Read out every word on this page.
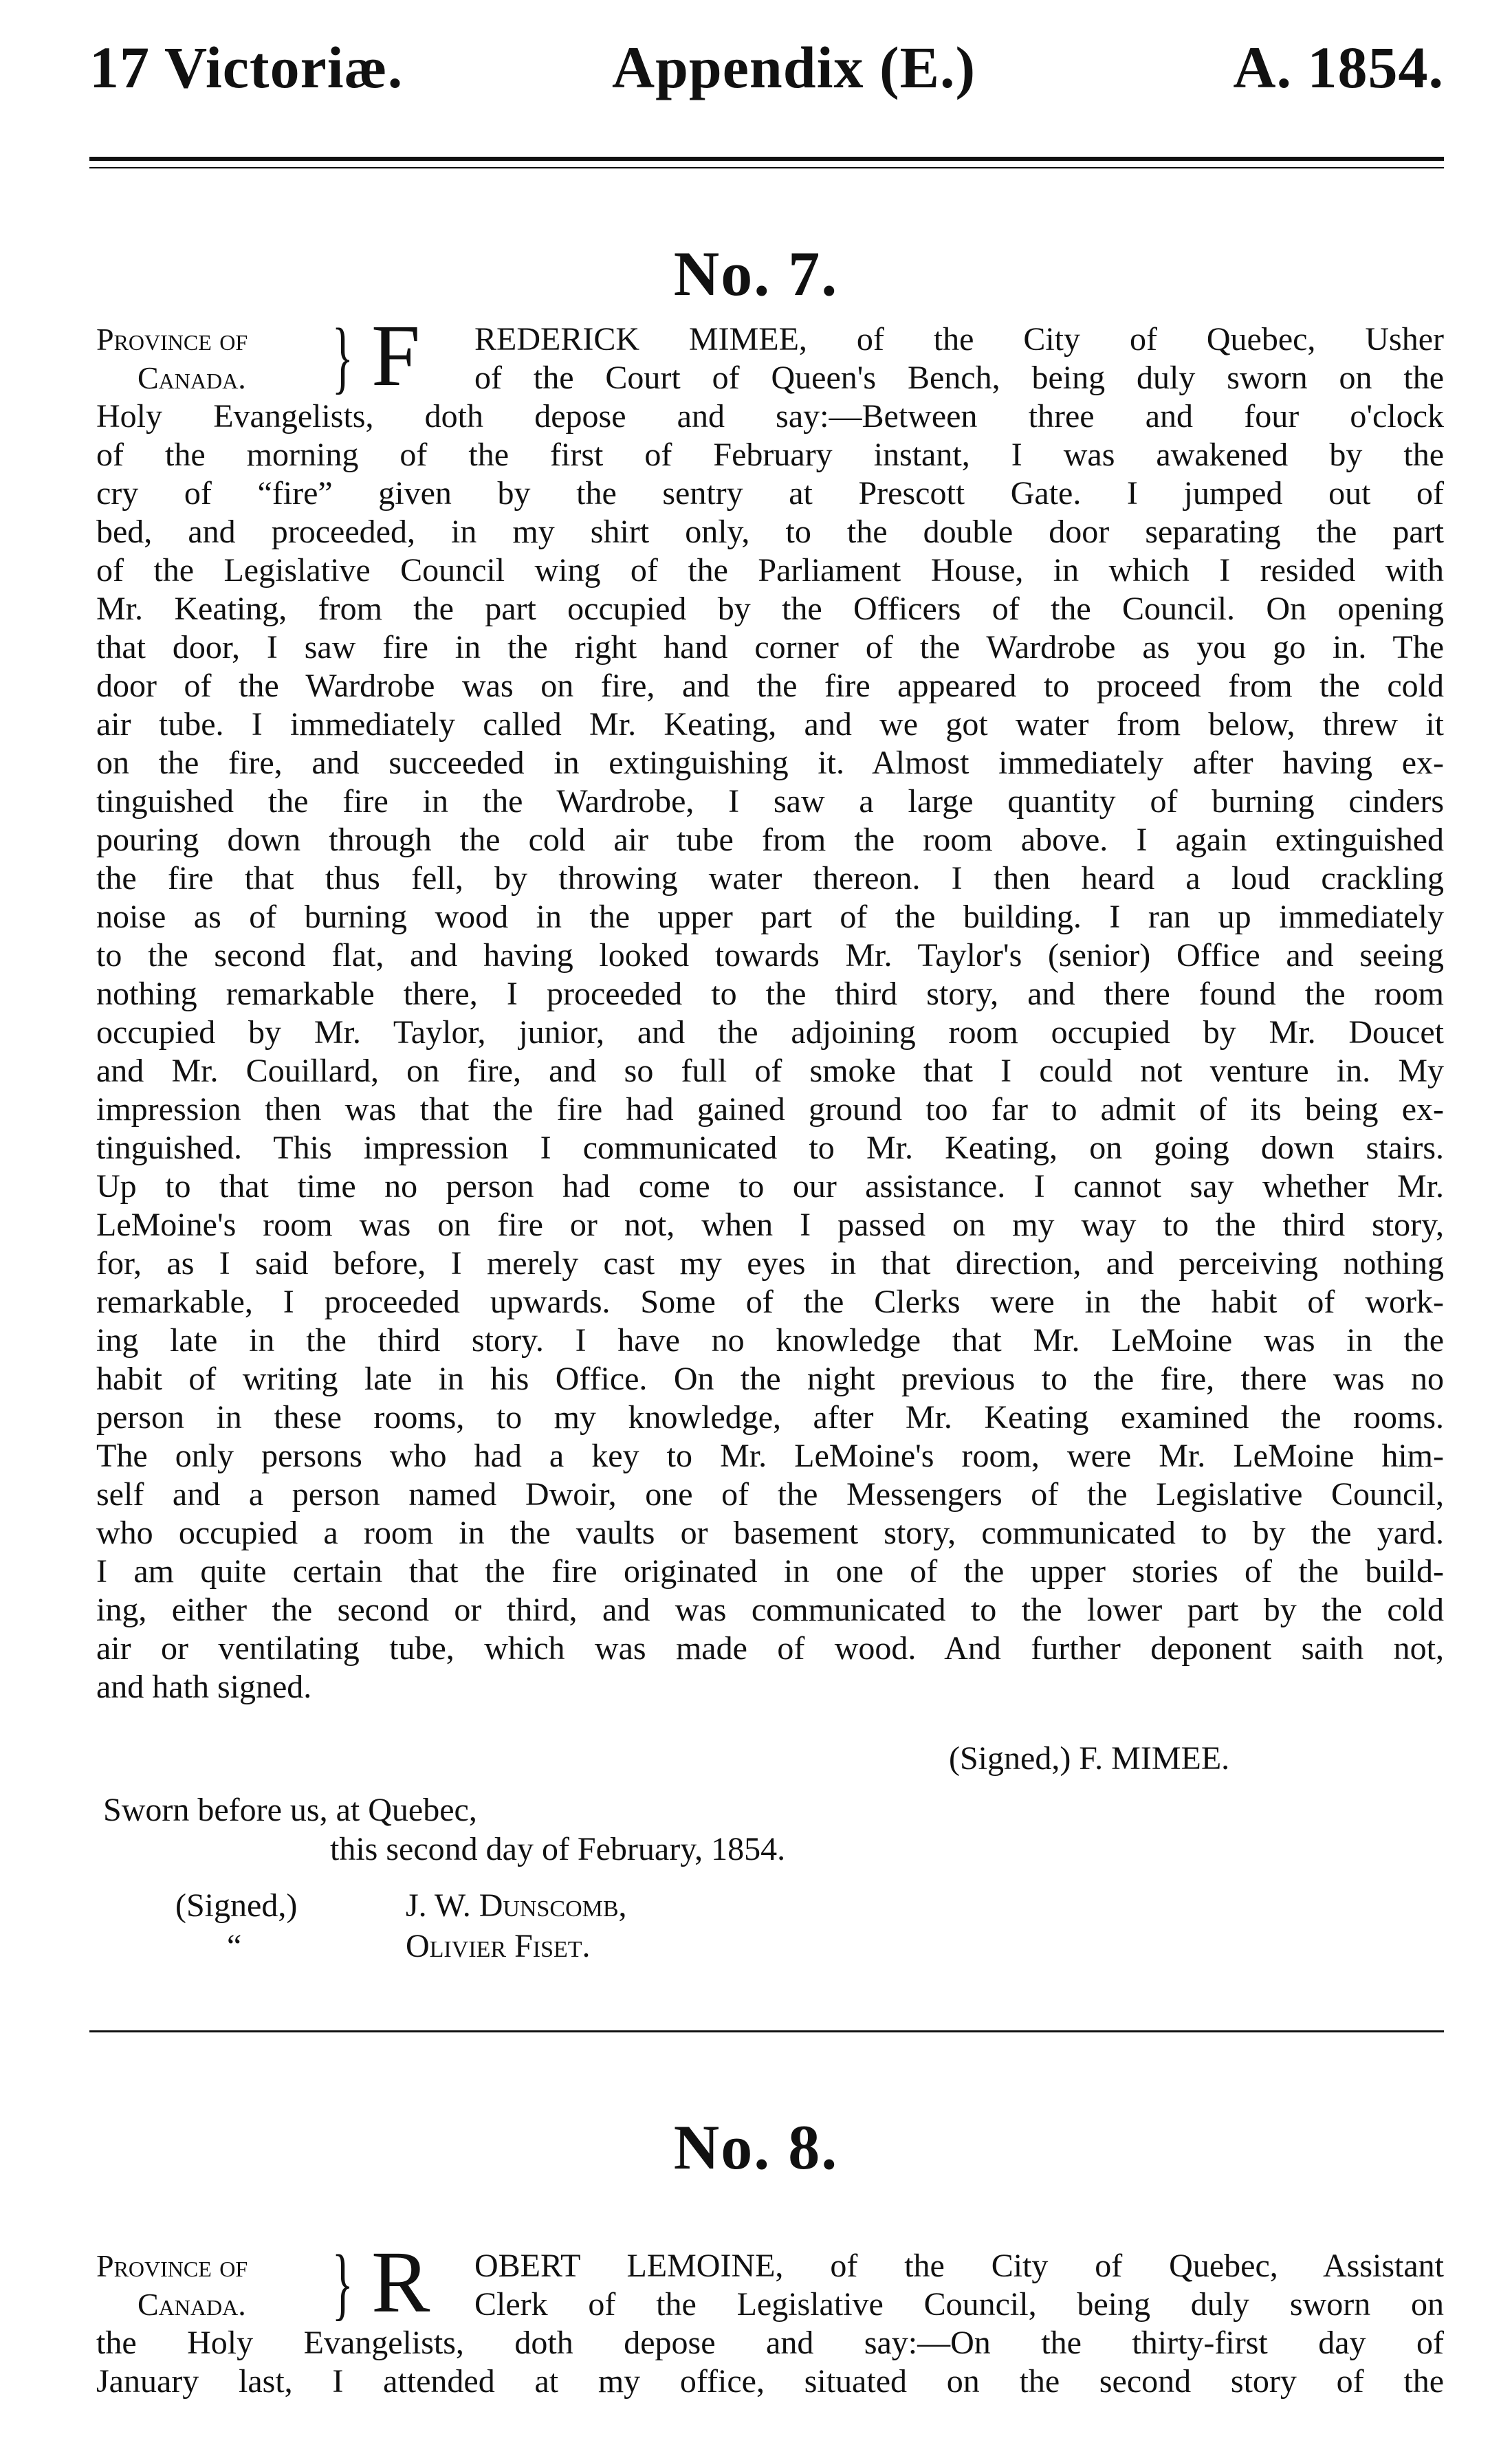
17 Victoriæ.	Appendix (E.)	A. 1854.
No. 7.
Province of
Canada.	} F REDERICK MIMEE, of the City of Quebec, Usher
of the Court of Queen's Bench, being duly sworn on the
Holy Evangelists, doth depose and say:—Between three and four o'clock
of the morning of the first of February instant, I was awakened by the
cry of “fire” given by the sentry at Prescott Gate. I jumped out of
bed, and proceeded, in my shirt only, to the double door separating the part
of the Legislative Council wing of the Parliament House, in which I resided with
Mr. Keating, from the part occupied by the Officers of the Council. On opening
that door, I saw fire in the right hand corner of the Wardrobe as you go in. The
door of the Wardrobe was on fire, and the fire appeared to proceed from the cold
air tube. I immediately called Mr. Keating, and we got water from below, threw it
on the fire, and succeeded in extinguishing it. Almost immediately after having ex-
tinguished the fire in the Wardrobe, I saw a large quantity of burning cinders
pouring down through the cold air tube from the room above. I again extinguished
the fire that thus fell, by throwing water thereon. I then heard a loud crackling
noise as of burning wood in the upper part of the building. I ran up immediately
to the second flat, and having looked towards Mr. Taylor's (senior) Office and seeing
nothing remarkable there, I proceeded to the third story, and there found the room
occupied by Mr. Taylor, junior, and the adjoining room occupied by Mr. Doucet
and Mr. Couillard, on fire, and so full of smoke that I could not venture in. My
impression then was that the fire had gained ground too far to admit of its being ex-
tinguished. This impression I communicated to Mr. Keating, on going down stairs.
Up to that time no person had come to our assistance. I cannot say whether Mr.
LeMoine's room was on fire or not, when I passed on my way to the third story,
for, as I said before, I merely cast my eyes in that direction, and perceiving nothing
remarkable, I proceeded upwards. Some of the Clerks were in the habit of work-
ing late in the third story. I have no knowledge that Mr. LeMoine was in the
habit of writing late in his Office. On the night previous to the fire, there was no
person in these rooms, to my knowledge, after Mr. Keating examined the rooms.
The only persons who had a key to Mr. LeMoine's room, were Mr. LeMoine him-
self and a person named Dwoir, one of the Messengers of the Legislative Council,
who occupied a room in the vaults or basement story, communicated to by the yard.
I am quite certain that the fire originated in one of the upper stories of the build-
ing, either the second or third, and was communicated to the lower part by the cold
air or ventilating tube, which was made of wood. And further deponent saith not,
and hath signed.
(Signed,) F. MIMEE.
Sworn before us, at Quebec,
this second day of February, 1854.
(Signed,)	J. W. Dunscomb,
“	Olivier Fiset.
No. 8.
Province of
Canada.	} R OBERT LEMOINE, of the City of Quebec, Assistant
Clerk of the Legislative Council, being duly sworn on
the Holy Evangelists, doth depose and say:—On the thirty-first day of
January last, I attended at my office, situated on the second story of the
